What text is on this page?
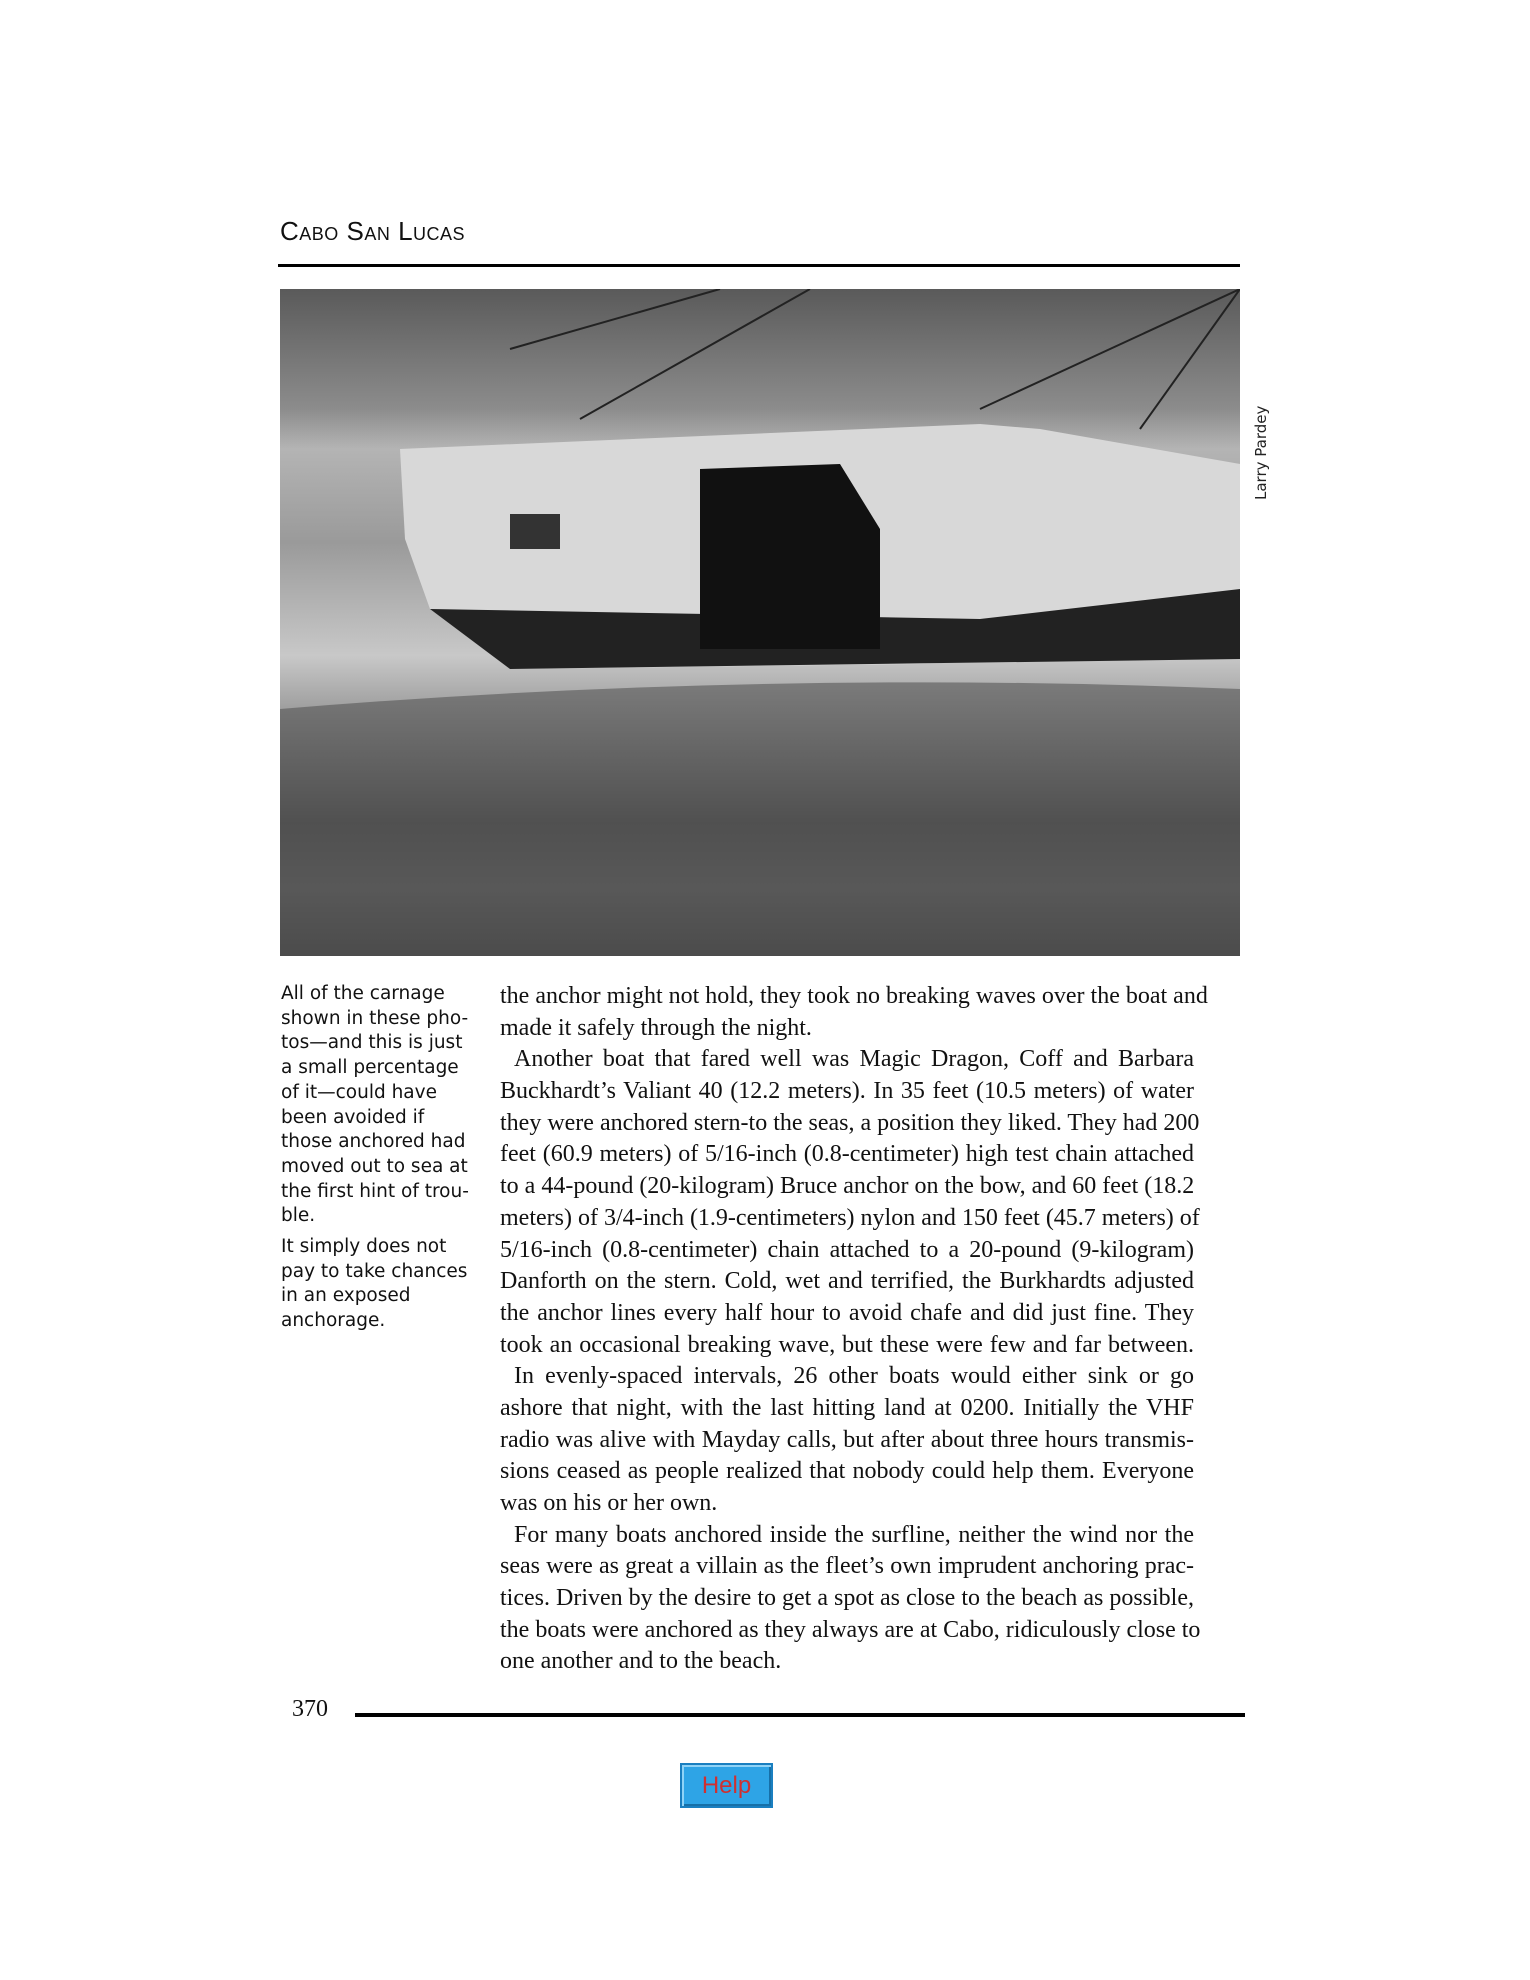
Cabo San Lucas
Larry Pardey

All of the carnage
shown in these pho-
tos—and this is just
a small percentage
of it—could have
been avoided if
those anchored had
moved out to sea at
the first hint of trou-
ble.

It simply does not
pay to take chances
in an exposed
anchorage.

the anchor might not hold, they took no breaking waves over the boat and
made it safely through the night.
Another boat that fared well was Magic Dragon, Coff and Barbara
Buckhardt’s Valiant 40 (12.2 meters). In 35 feet (10.5 meters) of water
they were anchored stern-to the seas, a position they liked. They had 200
feet (60.9 meters) of 5/16-inch (0.8-centimeter) high test chain attached
to a 44-pound (20-kilogram) Bruce anchor on the bow, and 60 feet (18.2
meters) of 3/4-inch (1.9-centimeters) nylon and 150 feet (45.7 meters) of
5/16-inch (0.8-centimeter) chain attached to a 20-pound (9-kilogram)
Danforth on the stern. Cold, wet and terrified, the Burkhardts adjusted
the anchor lines every half hour to avoid chafe and did just fine. They
took an occasional breaking wave, but these were few and far between.
In evenly-spaced intervals, 26 other boats would either sink or go
ashore that night, with the last hitting land at 0200. Initially the VHF
radio was alive with Mayday calls, but after about three hours transmis-
sions ceased as people realized that nobody could help them. Everyone
was on his or her own.
For many boats anchored inside the surfline, neither the wind nor the
seas were as great a villain as the fleet’s own imprudent anchoring prac-
tices. Driven by the desire to get a spot as close to the beach as possible,
the boats were anchored as they always are at Cabo, ridiculously close to
one another and to the beach.
370
Help
